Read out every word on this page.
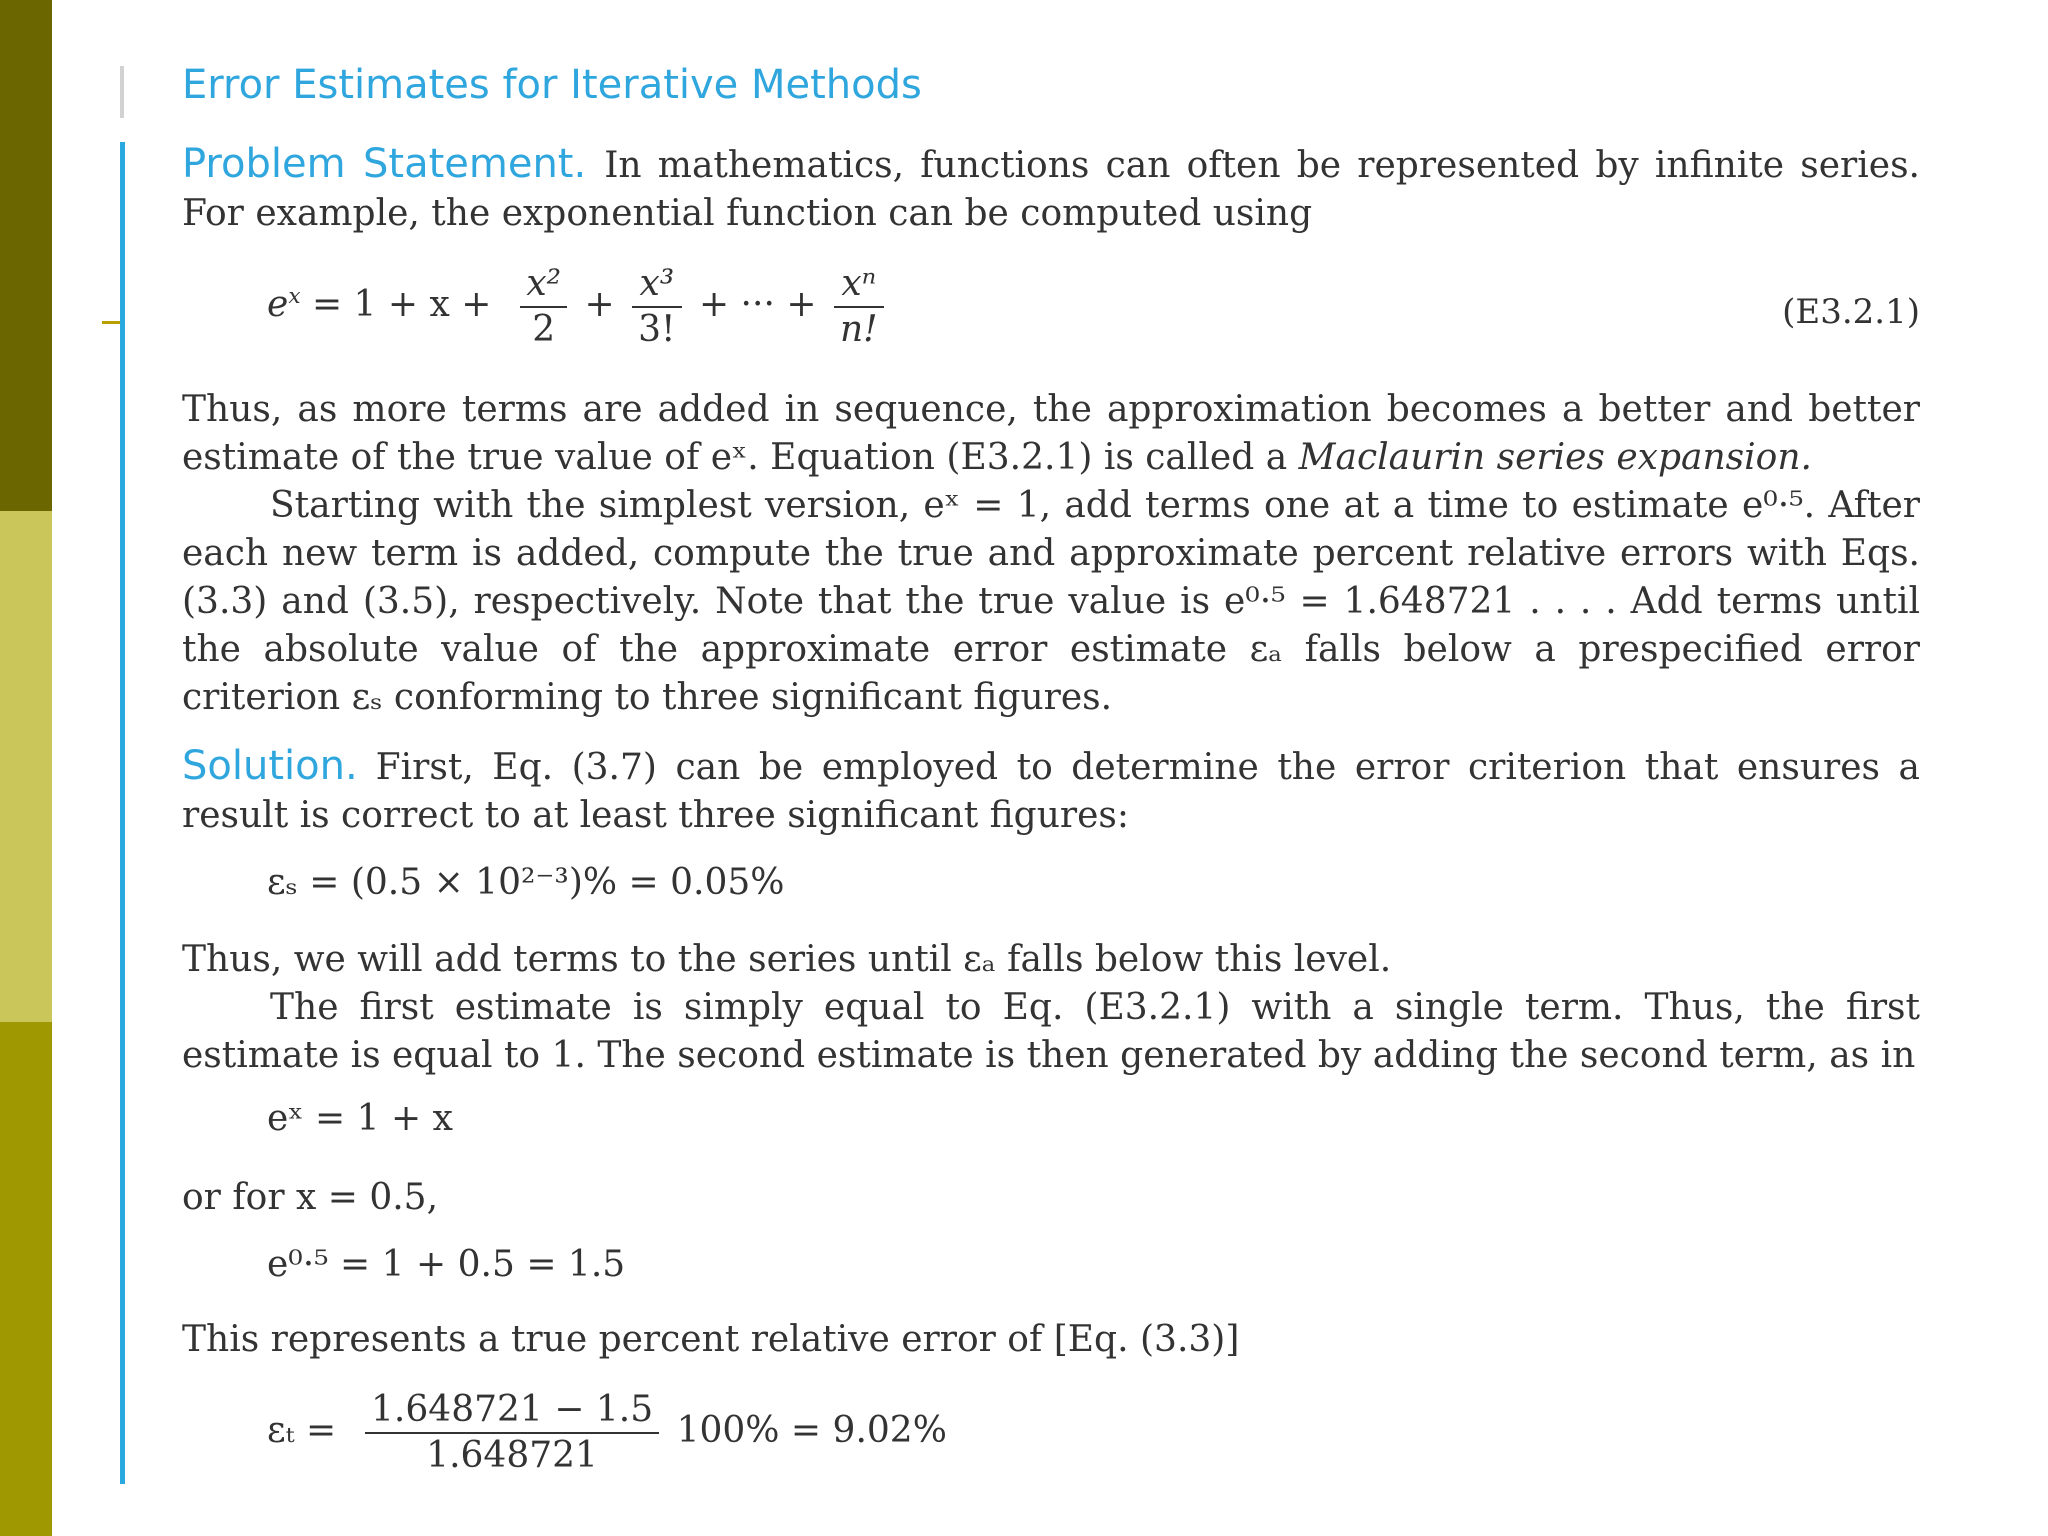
Error Estimates for Iterative Methods
Problem Statement. In mathematics, functions can often be represented by infinite series. For example, the exponential function can be computed using
$e^x = 1 + x + \frac{\text{x²}}{2} + \frac{\text{x³}}{3!}$ + ··· + $\frac{\text{xⁿ}}{n!}$	(E3.2.1)
Thus, as more terms are added in sequence, the approximation becomes a better and better estimate of the true value of eˣ. Equation (E3.2.1) is called a Maclaurin series expansion.
Starting with the simplest version, eˣ = 1, add terms one at a time to estimate e⁰·⁵. After each new term is added, compute the true and approximate percent relative errors with Eqs. (3.3) and (3.5), respectively. Note that the true value is e⁰·⁵ = 1.648721 . . . . Add terms until the absolute value of the approximate error estimate εₐ falls below a prespecified error criterion εₛ conforming to three significant figures.
Solution. First, Eq. (3.7) can be employed to determine the error criterion that ensures a result is correct to at least three significant figures:
εₛ = (0.5 × 10²⁻³)% = 0.05%
Thus, we will add terms to the series until εₐ falls below this level.
The first estimate is simply equal to Eq. (E3.2.1) with a single term. Thus, the first estimate is equal to 1. The second estimate is then generated by adding the second term, as in
eˣ = 1 + x
or for x = 0.5,
e⁰·⁵ = 1 + 0.5 = 1.5
This represents a true percent relative error of [Eq. (3.3)]
$\varepsilon_t = \frac{1.648721 - 1.5}{1.648721} 100\% = 9.02\%$
